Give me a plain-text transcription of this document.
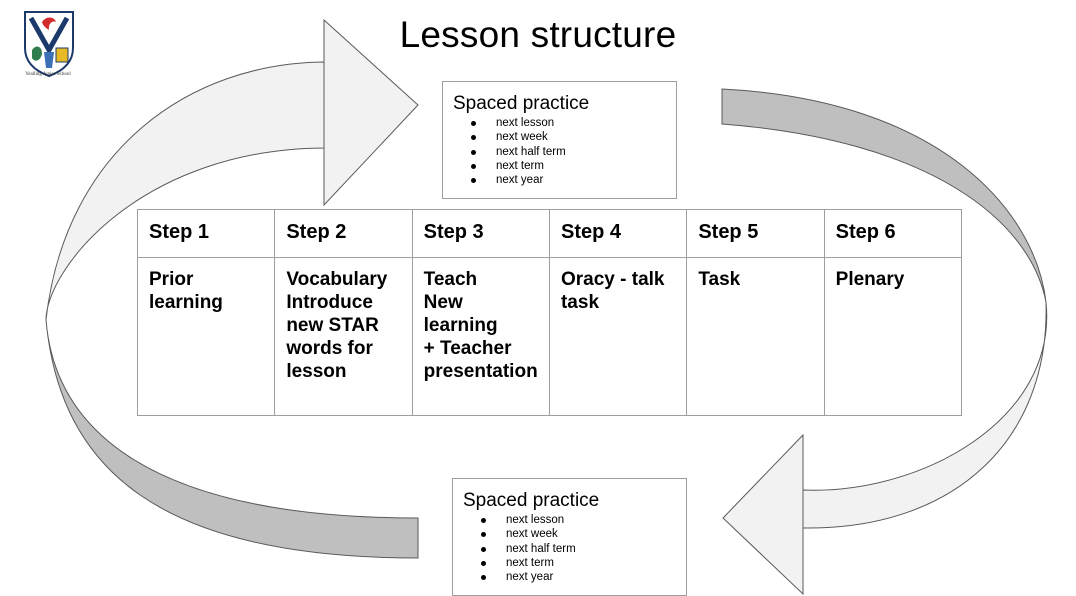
Yealling Junior School
Lesson structure
Spaced practice
next lesson
next week
next half term
next term
next year
Step 1	Step 2	Step 3	Step 4	Step 5	Step 6
Prior
learning	Vocabulary
Introduce
new STAR
words for
lesson	Teach
New
learning
+ Teacher
presentation	Oracy - talk
task	Task	Plenary
Spaced practice
next lesson
next week
next half term
next term
next year
